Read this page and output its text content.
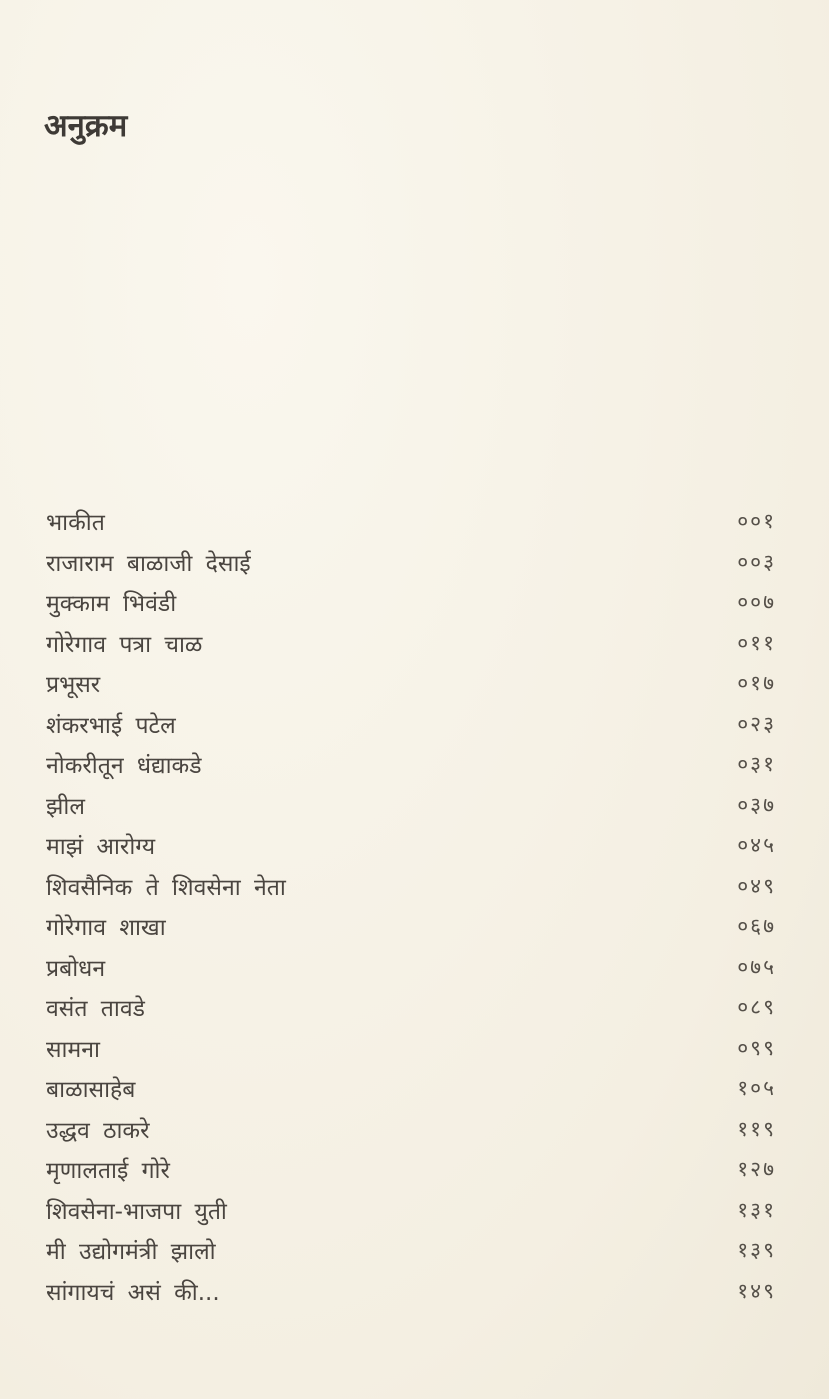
अनुक्रम
भाकीत	००१
राजाराम बाळाजी देसाई	००३
मुक्काम भिवंडी	००७
गोरेगाव पत्रा चाळ	०११
प्रभूसर	०१७
शंकरभाई पटेल	०२३
नोकरीतून धंद्याकडे	०३१
झील	०३७
माझं आरोग्य	०४५
शिवसैनिक ते शिवसेना नेता	०४९
गोरेगाव शाखा	०६७
प्रबोधन	०७५
वसंत तावडे	०८९
सामना	०९९
बाळासाहेब	१०५
उद्धव ठाकरे	११९
मृणालताई गोरे	१२७
शिवसेना-भाजपा युती	१३१
मी उद्योगमंत्री झालो	१३९
सांगायचं असं की...	१४९
